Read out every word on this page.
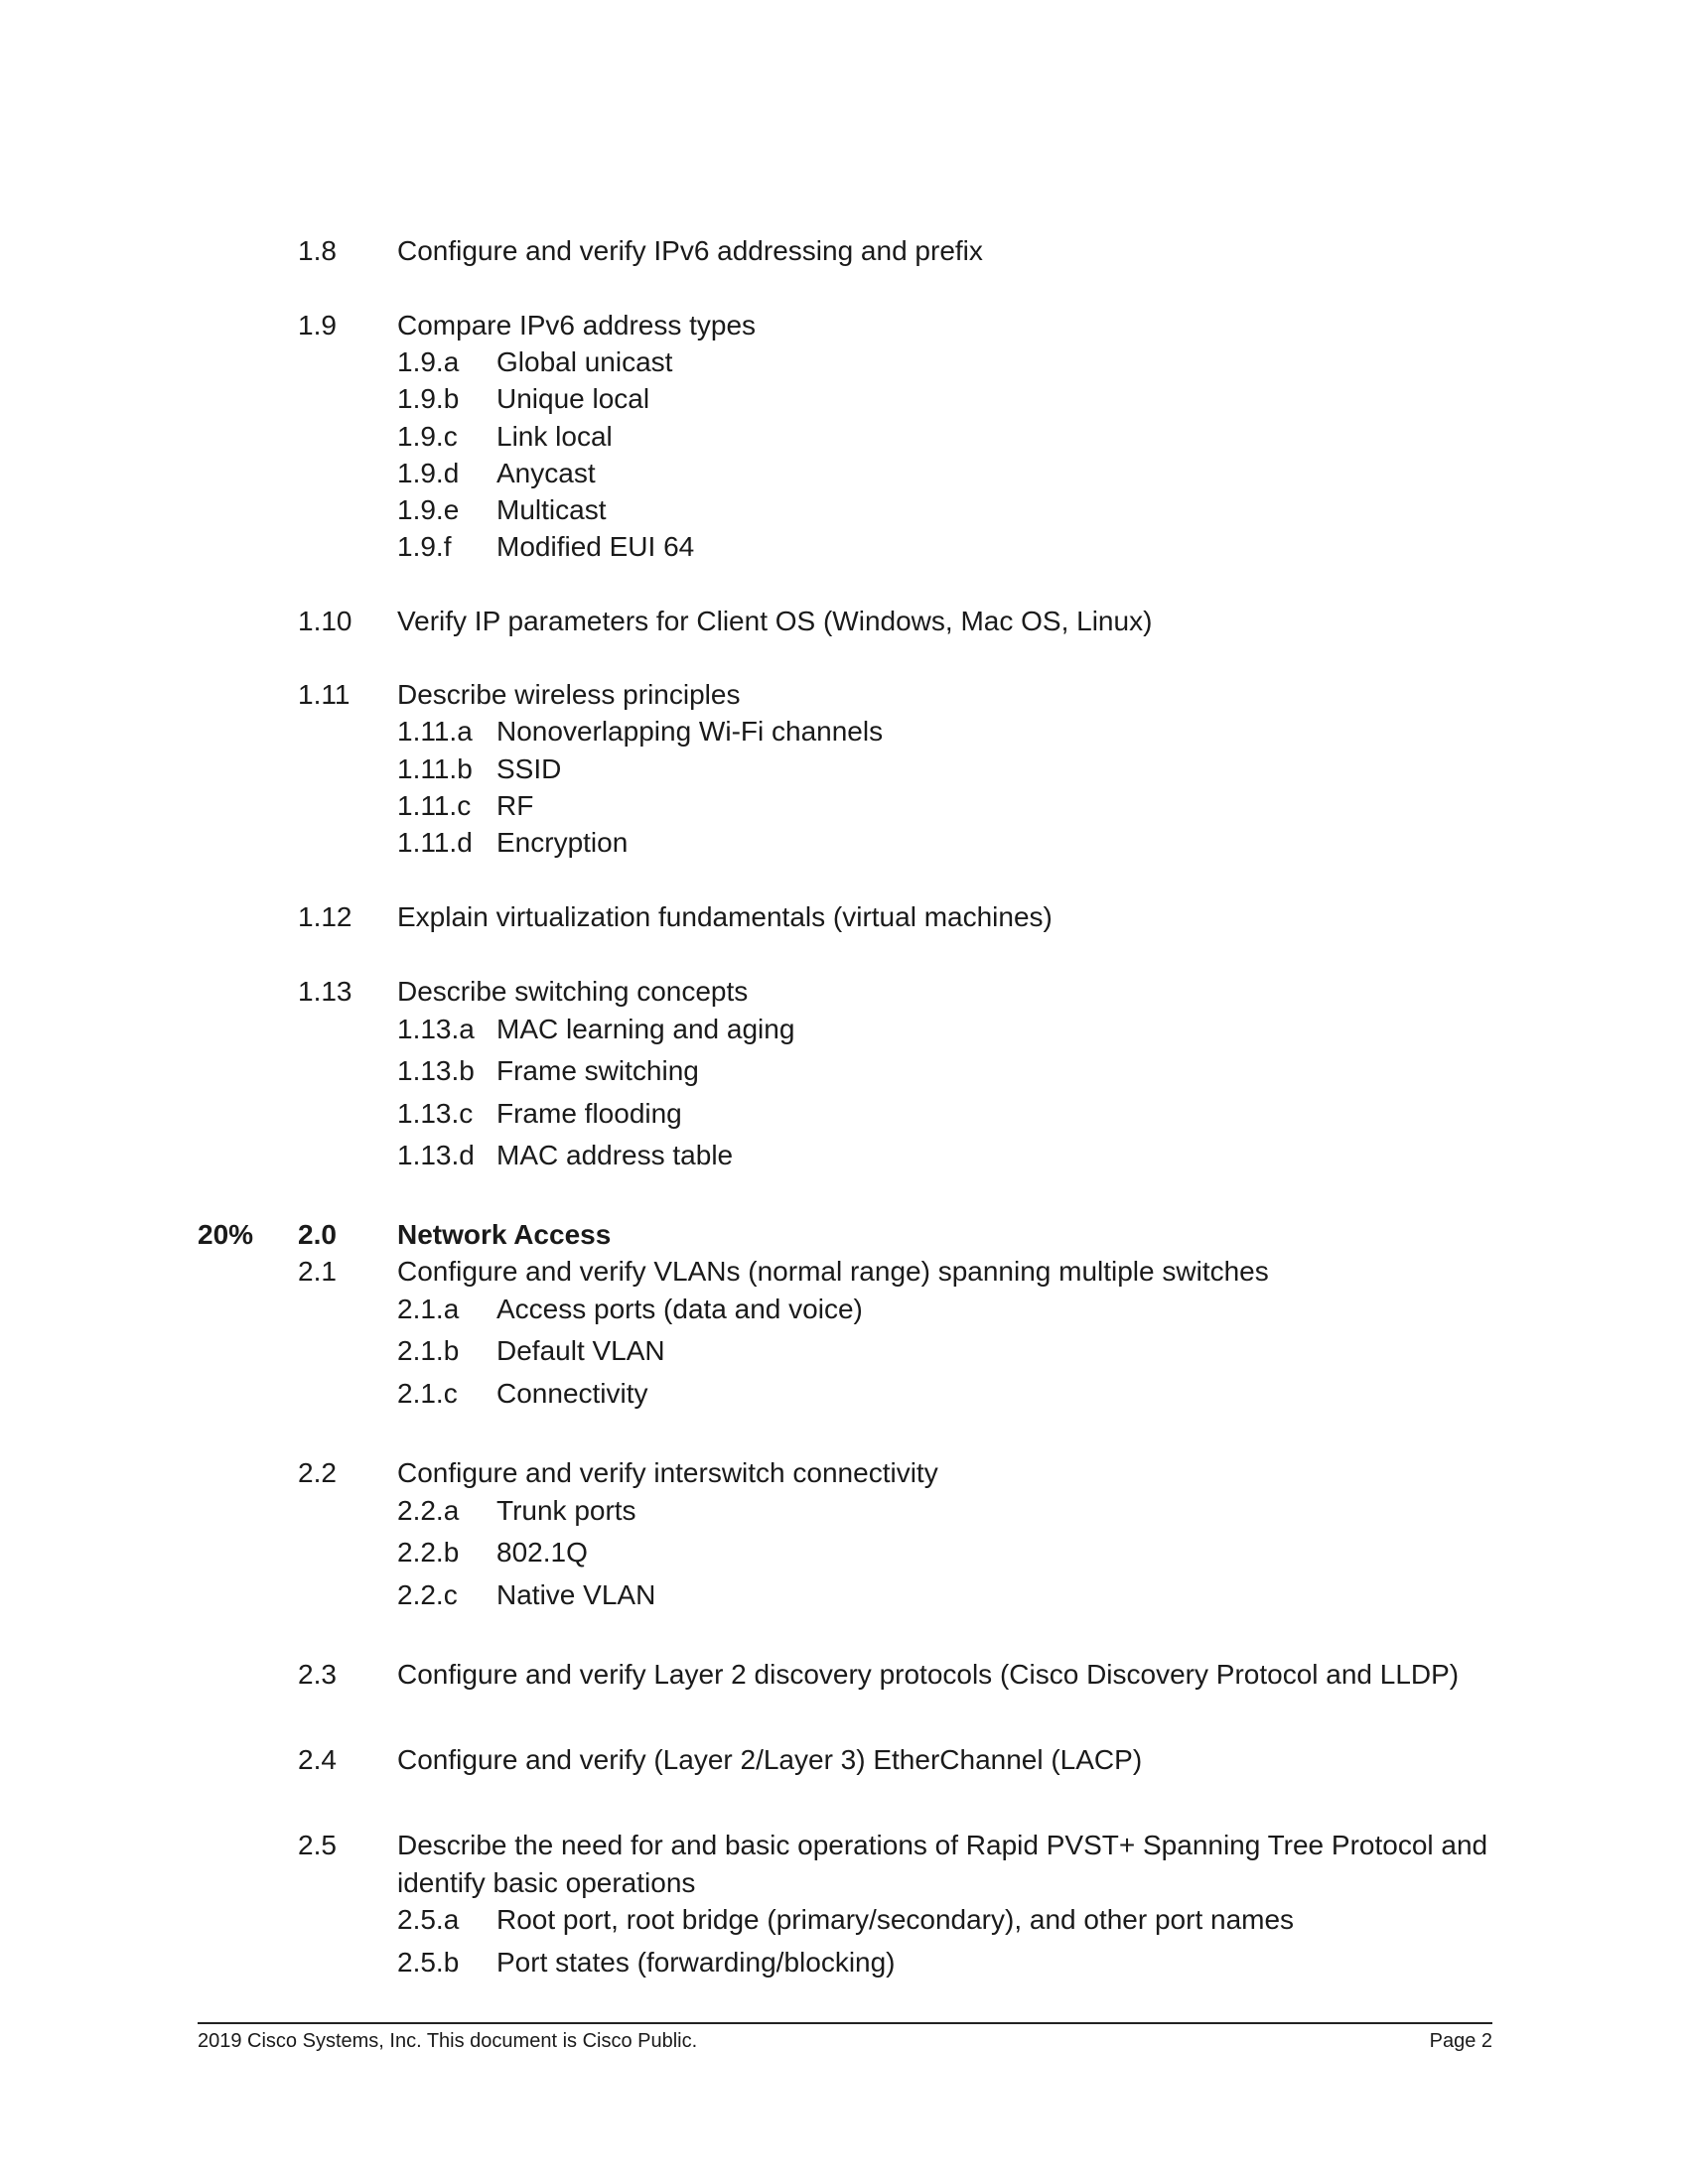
1.8 Configure and verify IPv6 addressing and prefix
1.9 Compare IPv6 address types
1.9.a Global unicast
1.9.b Unique local
1.9.c Link local
1.9.d Anycast
1.9.e Multicast
1.9.f Modified EUI 64
1.10 Verify IP parameters for Client OS (Windows, Mac OS, Linux)
1.11 Describe wireless principles
1.11.a Nonoverlapping Wi-Fi channels
1.11.b SSID
1.11.c RF
1.11.d Encryption
1.12 Explain virtualization fundamentals (virtual machines)
1.13 Describe switching concepts
1.13.a MAC learning and aging
1.13.b Frame switching
1.13.c Frame flooding
1.13.d MAC address table
20% 2.0 Network Access
2.1 Configure and verify VLANs (normal range) spanning multiple switches
2.1.a Access ports (data and voice)
2.1.b Default VLAN
2.1.c Connectivity
2.2 Configure and verify interswitch connectivity
2.2.a Trunk ports
2.2.b 802.1Q
2.2.c Native VLAN
2.3 Configure and verify Layer 2 discovery protocols (Cisco Discovery Protocol and LLDP)
2.4 Configure and verify (Layer 2/Layer 3) EtherChannel (LACP)
2.5 Describe the need for and basic operations of Rapid PVST+ Spanning Tree Protocol and
identify basic operations
2.5.a Root port, root bridge (primary/secondary), and other port names
2.5.b Port states (forwarding/blocking)
2019 Cisco Systems, Inc. This document is Cisco Public.	Page 2
